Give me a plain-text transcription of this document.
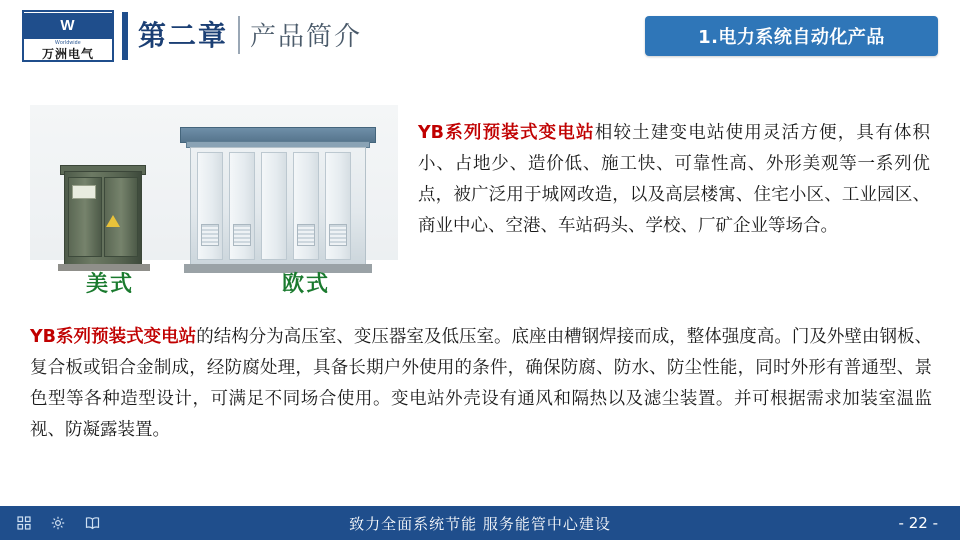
W
Worldwide
万洲电气
第二章 产品简介	1.电力系统自动化产品
美式	欧式
YB系列预装式变电站相较土建变电站使用灵活方便，具有体积小、占地少、造价低、施工快、可靠性高、外形美观等一系列优点，被广泛用于城网改造，以及高层楼寓、住宅小区、工业园区、商业中心、空港、车站码头、学校、厂矿企业等场合。
YB系列预装式变电站的结构分为高压室、变压器室及低压室。底座由槽钢焊接而成，整体强度高。门及外壁由钢板、复合板或铝合金制成，经防腐处理，具备长期户外使用的条件，确保防腐、防水、防尘性能，同时外形有普通型、景色型等各种造型设计，可满足不同场合使用。变电站外壳设有通风和隔热以及滤尘装置。并可根据需求加装室温监视、防凝露装置。
致力全面系统节能 服务能管中心建设	- 22 -
